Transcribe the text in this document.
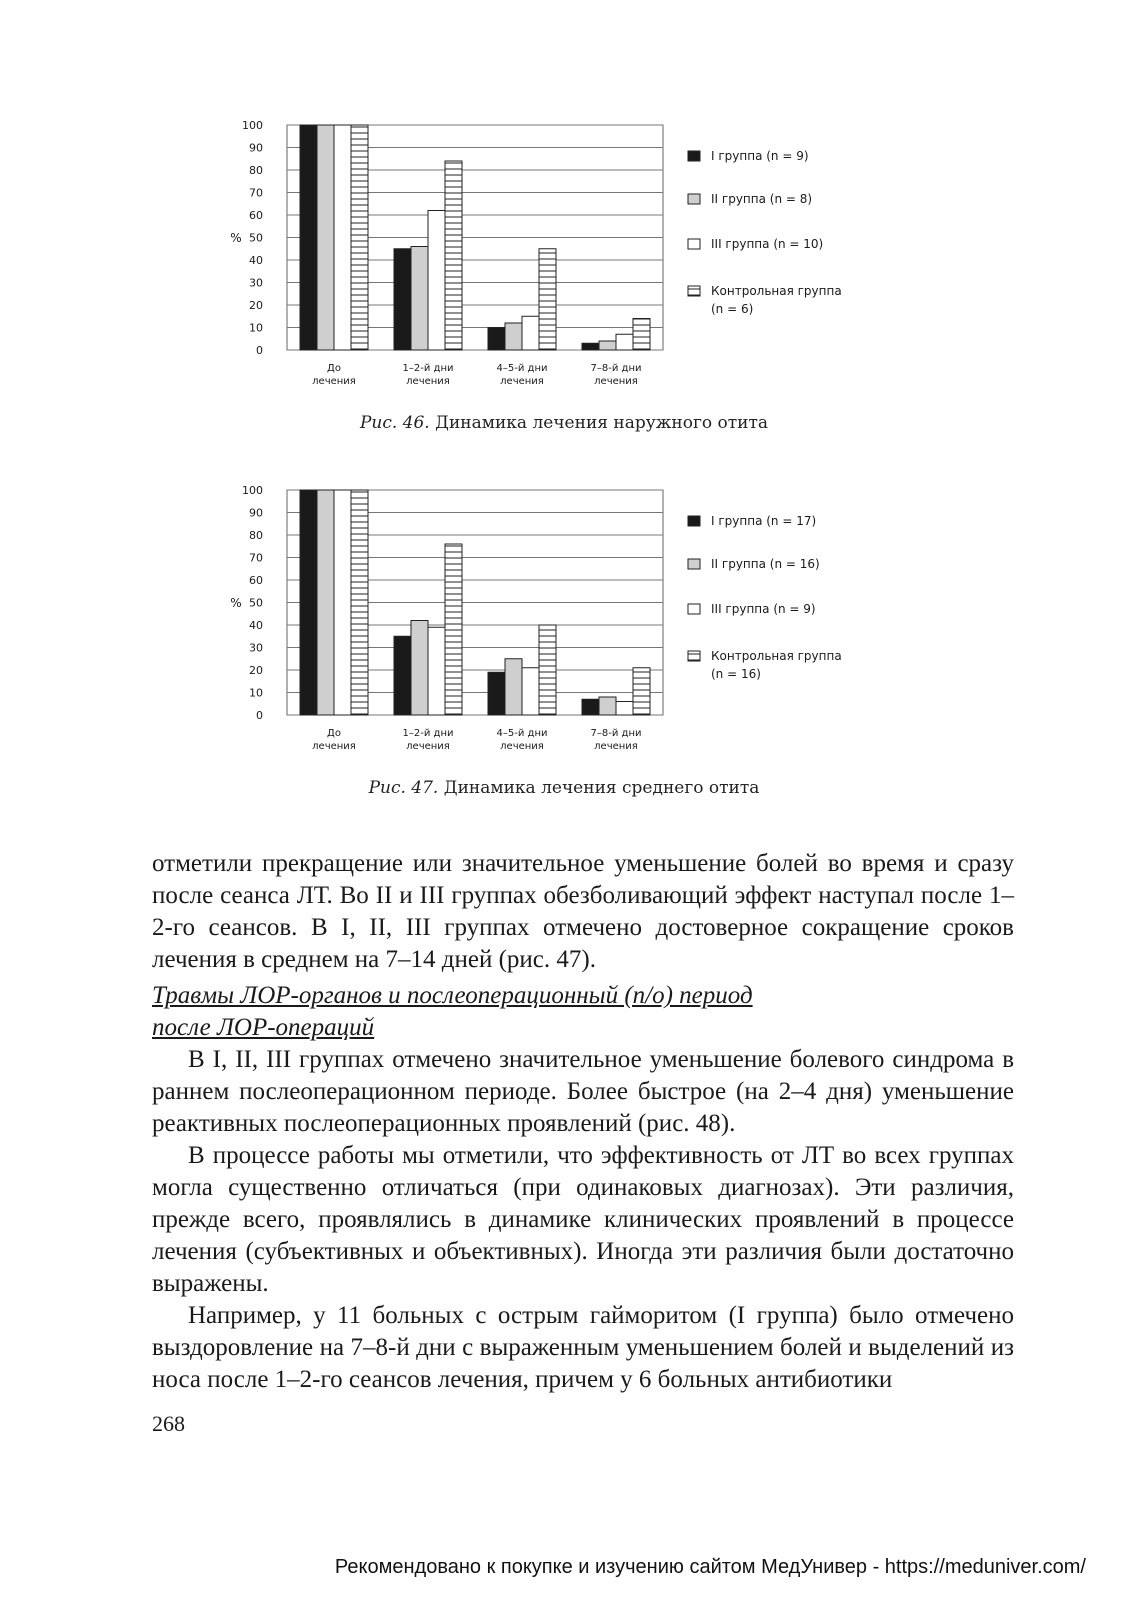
0
10
20
30
40
50
60
70
80
90
100
%
До
лечения
1–2-й дни
лечения
4–5-й дни
лечения
7–8-й дни
лечения
I группа (n = 9)
II группа (n = 8)
III группа (n = 10)
Контрольная группа
(n = 6)
Рис. 46. Динамика лечения наружного отита
0
10
20
30
40
50
60
70
80
90
100
%
До
лечения
1–2-й дни
лечения
4–5-й дни
лечения
7–8-й дни
лечения
I группа (n = 17)
II группа (n = 16)
III группа (n = 9)
Контрольная группа
(n = 16)
Рис. 47. Динамика лечения среднего отита

отметили прекращение или значительное уменьшение болей во время и сразу после сеанса ЛТ. Во II и III группах обезболивающий эффект наступал после 1–2-го сеансов. В I, II, III группах отмечено достоверное сокращение сроков лечения в среднем на 7–14 дней (рис. 47).

Травмы ЛОР-органов и послеоперационный (п/о) период

после ЛОР-операций

В I, II, III группах отмечено значительное уменьшение болевого синдрома в раннем послеоперационном периоде. Более быстрое (на 2–4 дня) уменьшение реактивных послеоперационных проявлений (рис. 48).

В процессе работы мы отметили, что эффективность от ЛТ во всех группах могла существенно отличаться (при одинаковых диагнозах). Эти различия, прежде всего, проявлялись в динамике клинических проявлений в процессе лечения (субъективных и объективных). Иногда эти различия были достаточно выражены.

Например, у 11 больных с острым гайморитом (I группа) было отмечено выздоровление на 7–8-й дни с выраженным уменьшением болей и выделений из носа после 1–2-го сеансов лечения, причем у 6 больных антибиотики

268
Рекомендовано к покупке и изучению сайтом МедУнивер - https://meduniver.com/
